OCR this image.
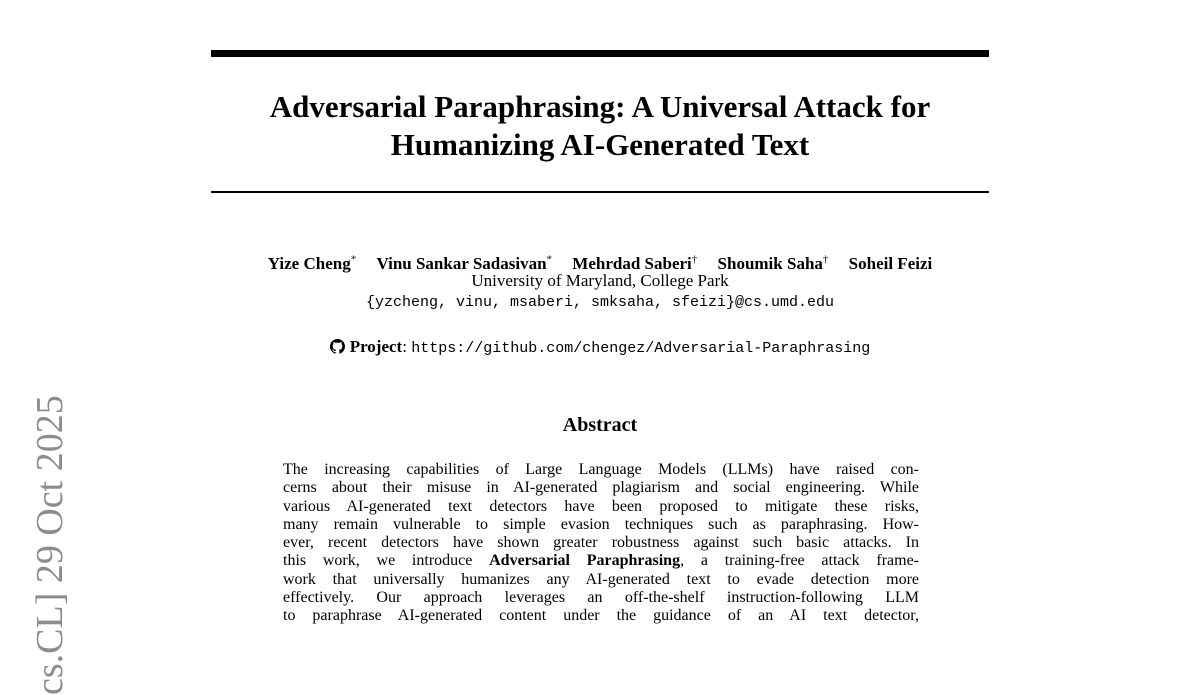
Adversarial Paraphrasing: A Universal Attack for
Humanizing AI-Generated Text
Yize Cheng* Vinu Sankar Sadasivan* Mehrdad Saberi† Shoumik Saha† Soheil Feizi
University of Maryland, College Park
{yzcheng, vinu, msaberi, smksaha, sfeizi}@cs.umd.edu
Project: https://github.com/chengez/Adversarial-Paraphrasing
Abstract
The increasing capabilities of Large Language Models (LLMs) have raised con-
cerns about their misuse in AI-generated plagiarism and social engineering. While
various AI-generated text detectors have been proposed to mitigate these risks,
many remain vulnerable to simple evasion techniques such as paraphrasing. How-
ever, recent detectors have shown greater robustness against such basic attacks. In
this work, we introduce Adversarial Paraphrasing, a training-free attack frame-
work that universally humanizes any AI-generated text to evade detection more
effectively. Our approach leverages an off-the-shelf instruction-following LLM
to paraphrase AI-generated content under the guidance of an AI text detector,
cs.CL] 29 Oct 2025
